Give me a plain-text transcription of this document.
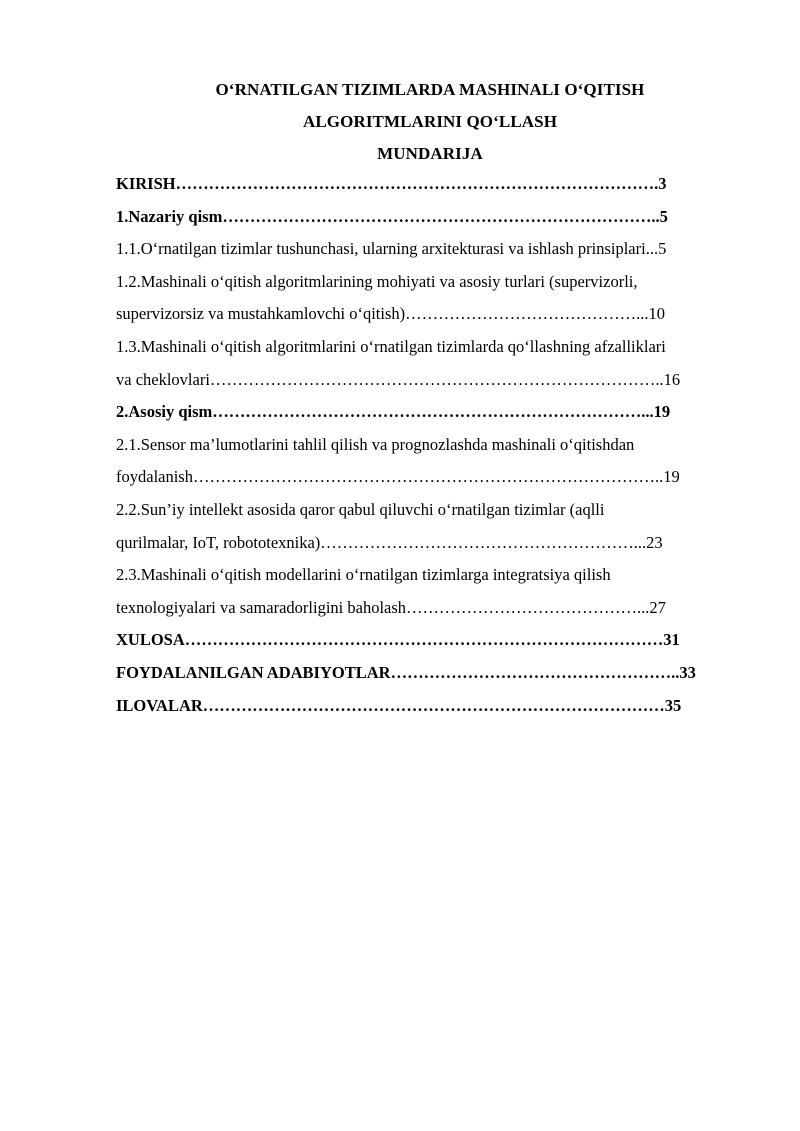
O‘RNATILGAN TIZIMLARDA MASHINALI O‘QITISH
ALGORITMLARINI QO‘LLASH
MUNDARIJA
KIRISH…………………………………………………………………………….3
1.Nazariy qism……………………………………………………………………..5
1.1.O‘rnatilgan tizimlar tushunchasi, ularning arxitekturasi va ishlash prinsiplari...5
1.2.Mashinali o‘qitish algoritmlarining mohiyati va asosiy turlari (supervizorli,
supervizorsiz va mustahkamlovchi o‘qitish)……………………………………...10
1.3.Mashinali o‘qitish algoritmlarini o‘rnatilgan tizimlarda qo‘llashning afzalliklari
va cheklovlari………………………………………………………………………..16
2.Asosiy qism……………………………………………………………………...19
2.1.Sensor ma’lumotlarini tahlil qilish va prognozlashda mashinali o‘qitishdan
foydalanish…………………………………………………………………………..19
2.2.Sun’iy intellekt asosida qaror qabul qiluvchi o‘rnatilgan tizimlar (aqlli
qurilmalar, IoT, robototexnika)…………………………………………………...23
2.3.Mashinali o‘qitish modellarini o‘rnatilgan tizimlarga integratsiya qilish
texnologiyalari va samaradorligini baholash……………………………………...27
XULOSA……………………………………………………………………………31
FOYDALANILGAN ADABIYOTLAR……………………………………………..33
ILOVALAR…………………………………………………………………………35
